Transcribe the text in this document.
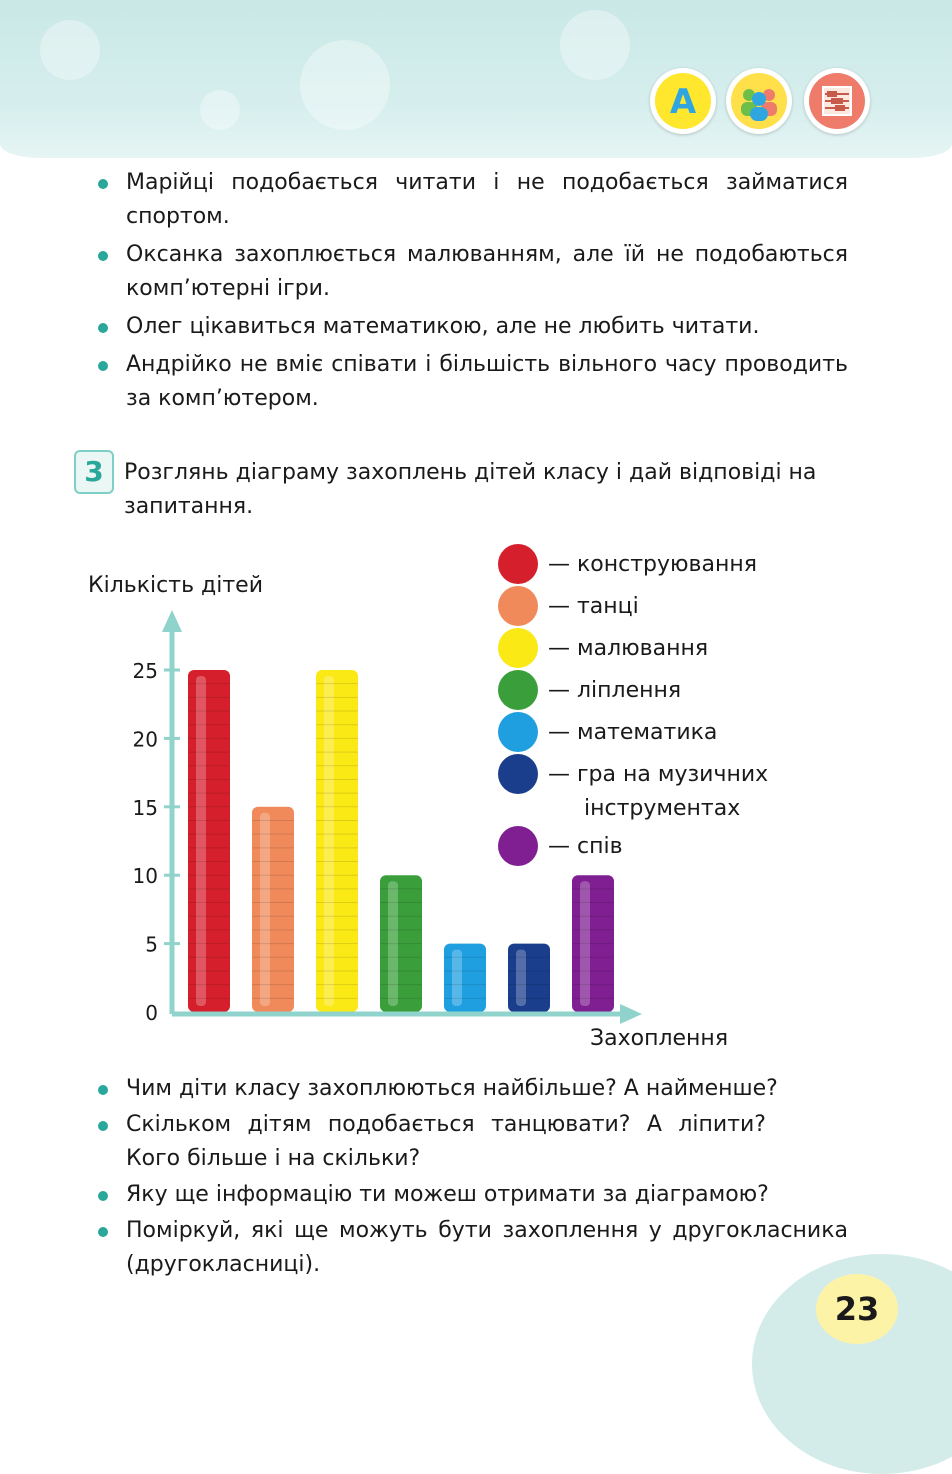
A
Марійці подобається читати і не подобається займатися спортом.
Оксанка захоплюється малюванням, але їй не подобаються комп’ютерні ігри.
Олег цікавиться математикою, але не любить читати.
Андрійко не вміє співати і більшість вільного часу проводить за комп’ютером.
3 Розглянь діаграму захоплень дітей класу і дай відповіді на запитання.
0
5
10
15
20
25
Кількість дітей
Захоплення
— конструювання
— танці
— малювання
— ліплення
— математика
— гра на музичних
інструментах
— спів
Чим діти класу захоплюються найбільше? А найменше?
Скільком дітям подобається танцювати? А ліпити? Кого більше і на скільки?
Яку ще інформацію ти можеш отримати за діаграмою?
Поміркуй, які ще можуть бути захоплення у другокласника (другокласниці).
23
